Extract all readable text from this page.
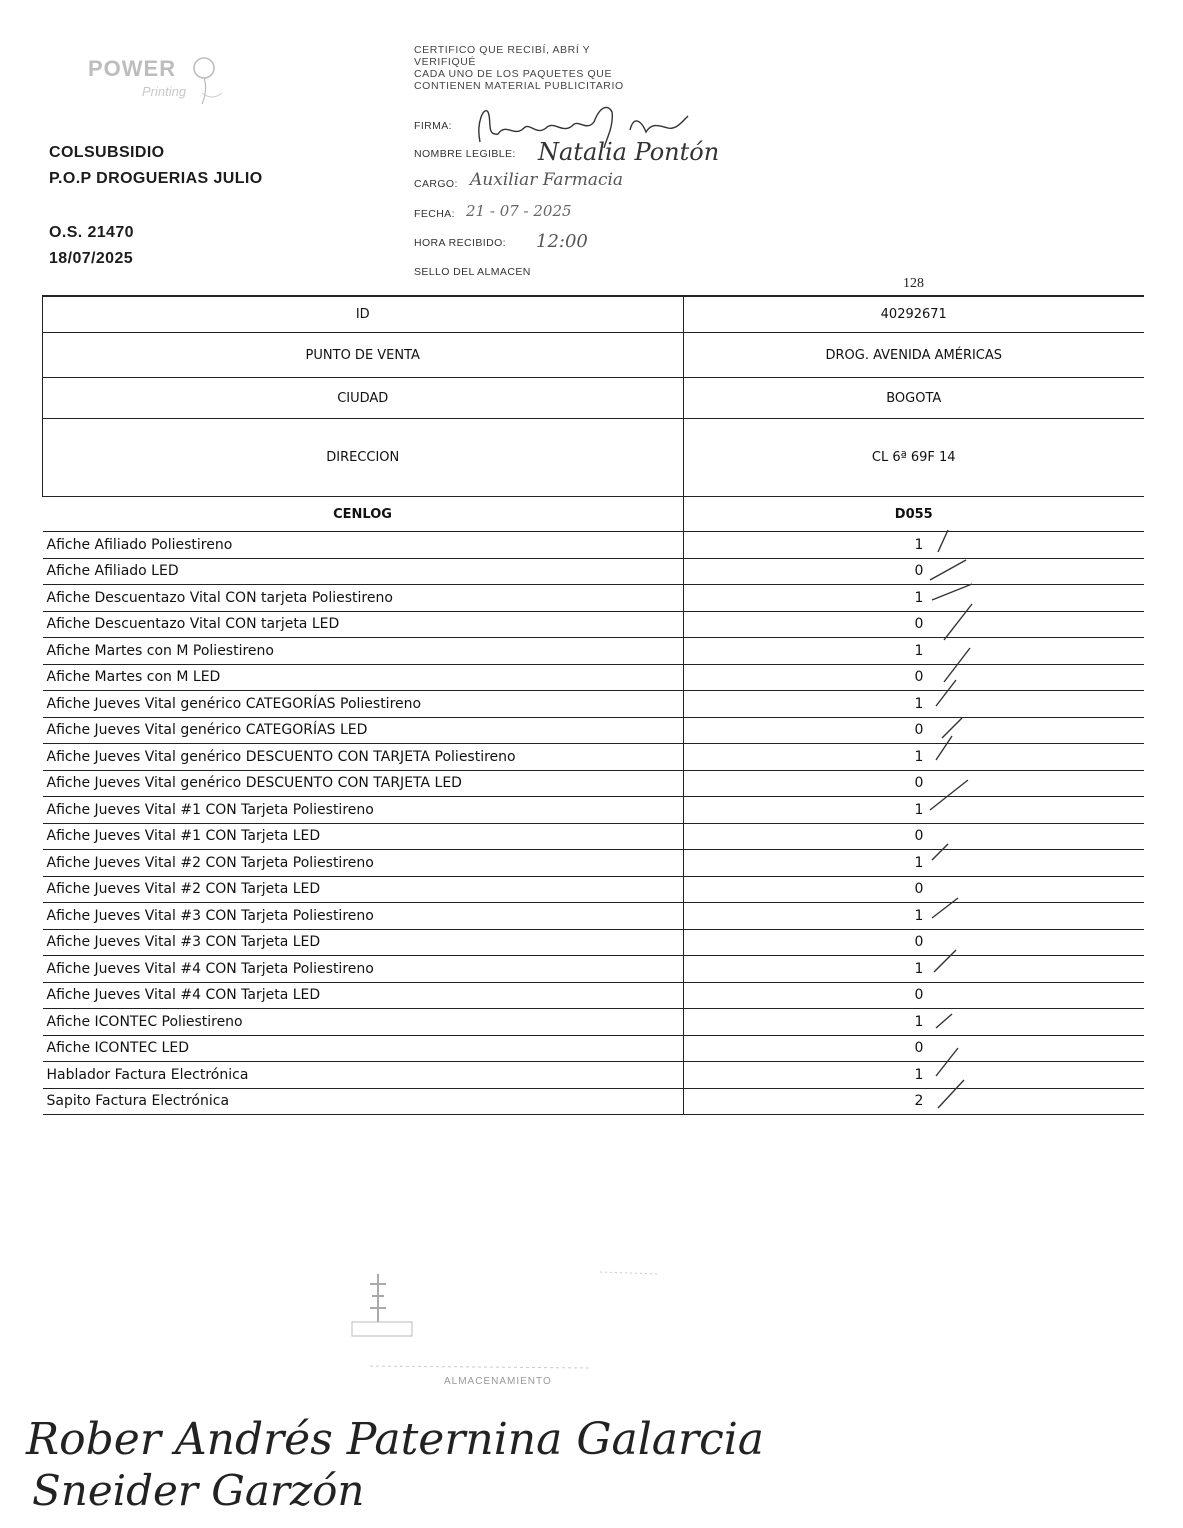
POWER
Printing
COLSUBSIDIO
P.O.P DROGUERIAS JULIO
O.S. 21470
18/07/2025
CERTIFICO QUE RECIBÍ, ABRÍ Y
VERIFIQUÉ
CADA UNO DE LOS PAQUETES QUE
CONTIENEN MATERIAL PUBLICITARIO
FIRMA:
NOMBRE LEGIBLE: Natalia Pontón
CARGO: Auxiliar Farmacia
FECHA: 21 - 07 - 2025
HORA RECIBIDO: 12:00
SELLO DEL ALMACEN
128
ID	40292671
PUNTO DE VENTA	DROG. AVENIDA AMÉRICAS
CIUDAD	BOGOTA
DIRECCION	CL 6ª 69F 14
CENLOG	D055
Afiche Afiliado Poliestireno	1
Afiche Afiliado LED	0
Afiche Descuentazo Vital CON tarjeta Poliestireno	1
Afiche Descuentazo Vital CON tarjeta LED	0
Afiche Martes con M Poliestireno	1
Afiche Martes con M LED	0
Afiche Jueves Vital genérico CATEGORÍAS Poliestireno	1
Afiche Jueves Vital genérico CATEGORÍAS LED	0
Afiche Jueves Vital genérico DESCUENTO CON TARJETA Poliestireno	1
Afiche Jueves Vital genérico DESCUENTO CON TARJETA LED	0
Afiche Jueves Vital #1 CON Tarjeta Poliestireno	1
Afiche Jueves Vital #1 CON Tarjeta LED	0
Afiche Jueves Vital #2 CON Tarjeta Poliestireno	1
Afiche Jueves Vital #2 CON Tarjeta LED	0
Afiche Jueves Vital #3 CON Tarjeta Poliestireno	1
Afiche Jueves Vital #3 CON Tarjeta LED	0
Afiche Jueves Vital #4 CON Tarjeta Poliestireno	1
Afiche Jueves Vital #4 CON Tarjeta LED	0
Afiche ICONTEC Poliestireno	1
Afiche ICONTEC LED	0
Hablador Factura Electrónica	1
Sapito Factura Electrónica	2
ALMACENAMIENTO
Rober Andrés Paternina Galarcia
Sneider Garzón
